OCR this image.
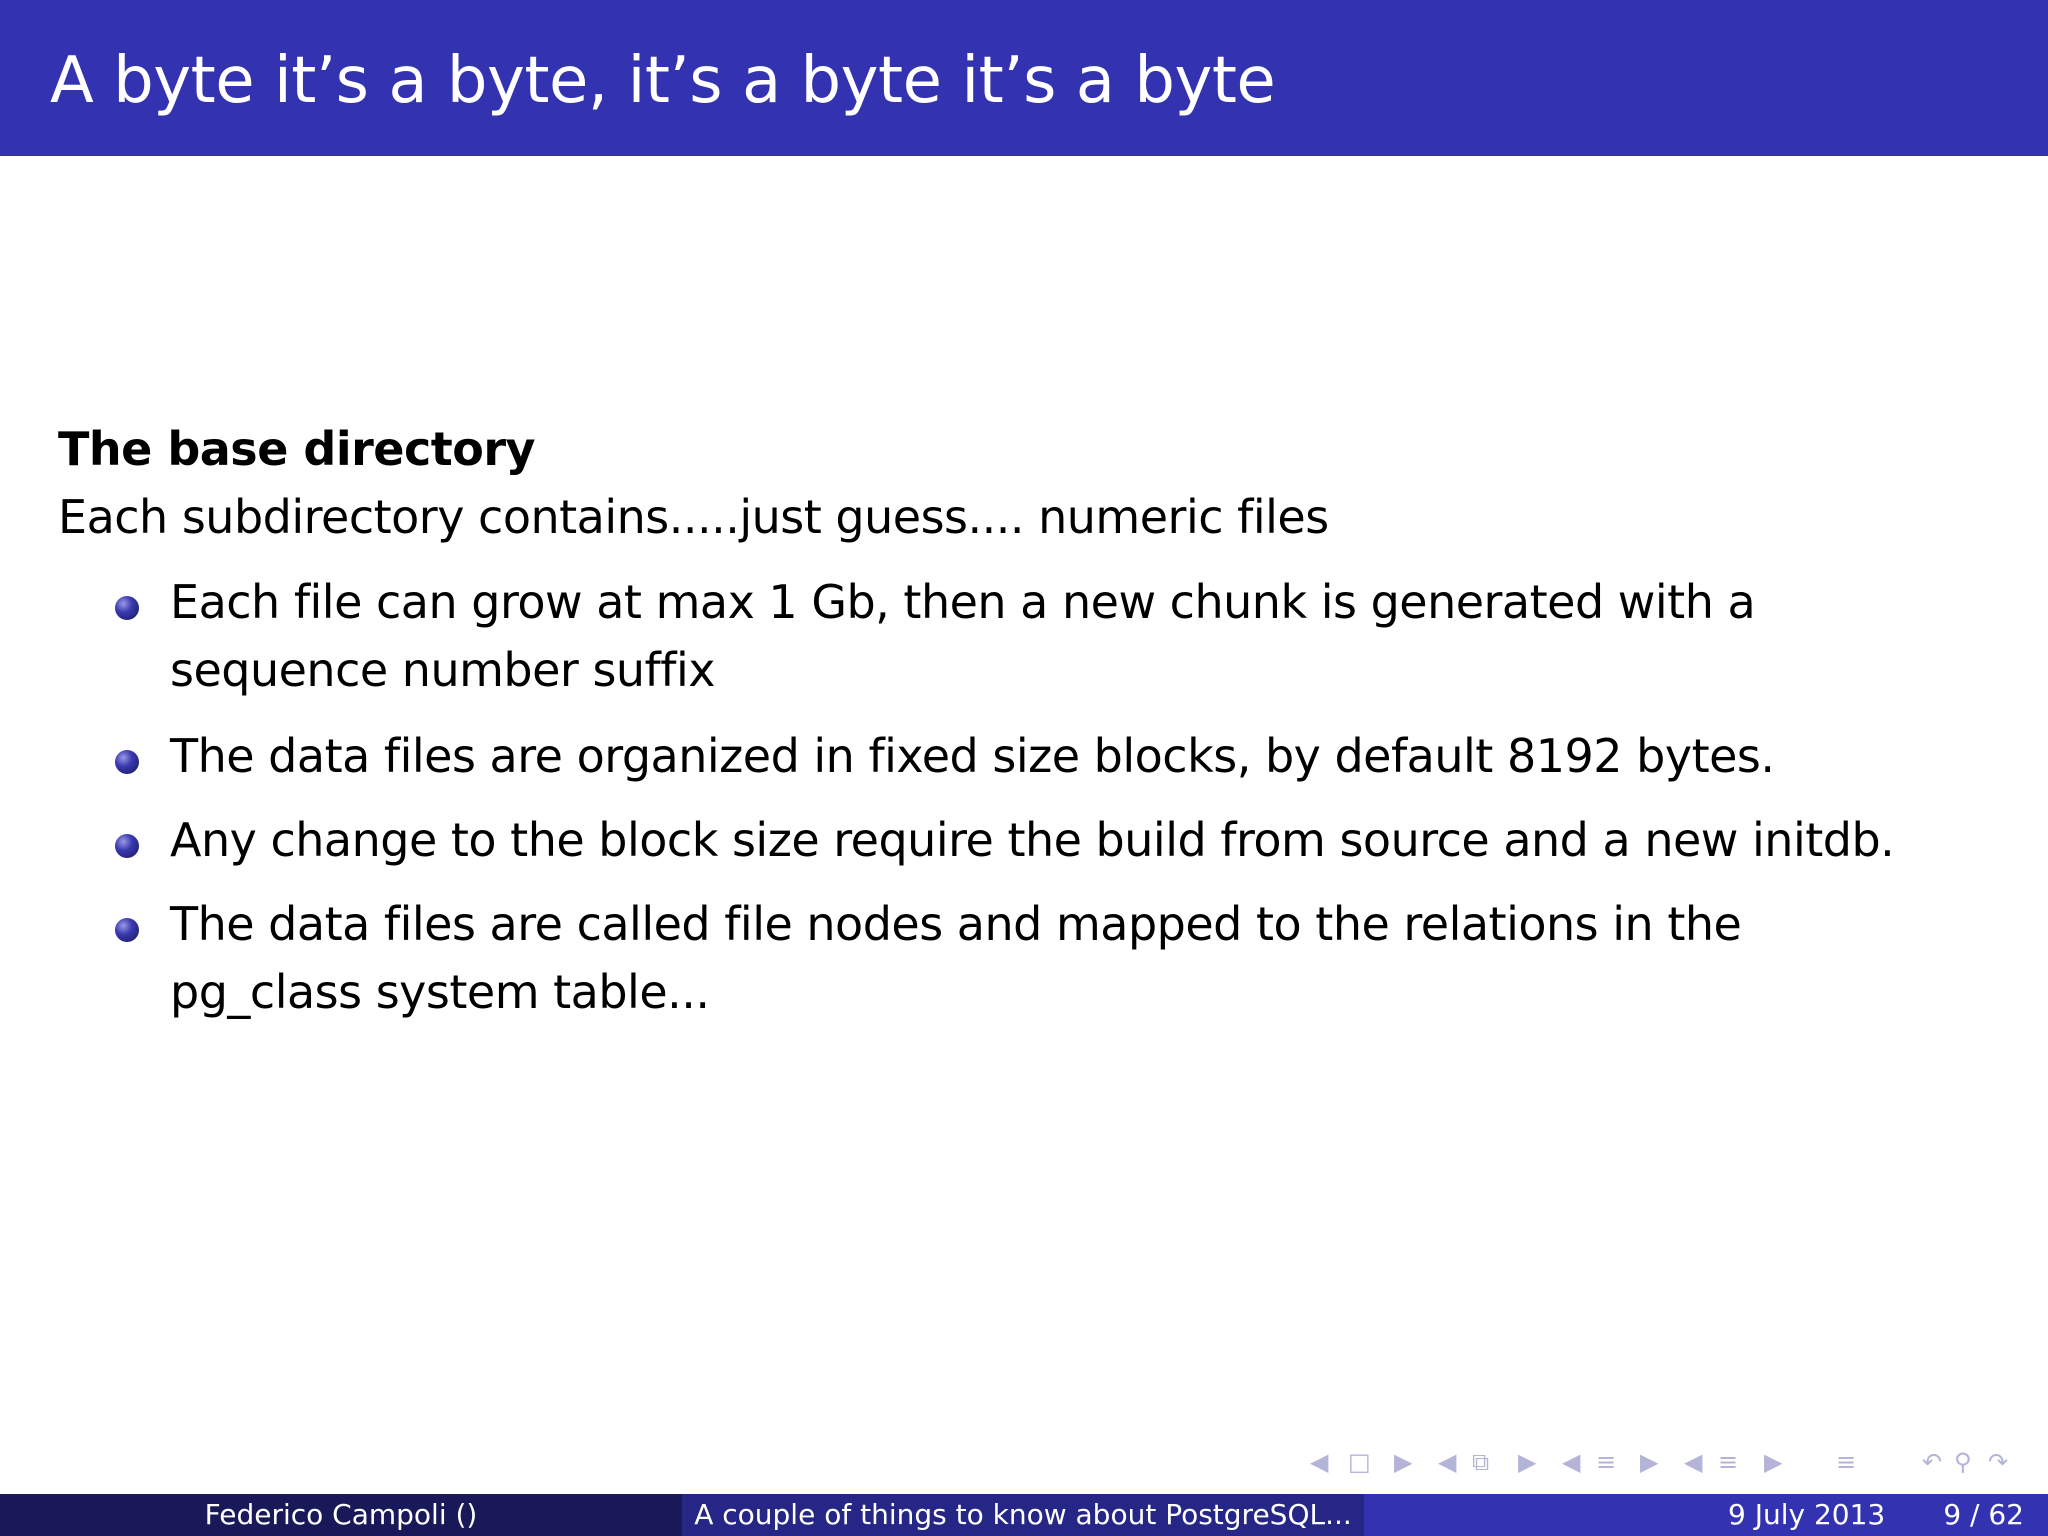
A byte it’s a byte, it’s a byte it’s a byte
The base directory
Each subdirectory contains.....just guess.... numeric files
Each file can grow at max 1 Gb, then a new chunk is generated with a
sequence number suffix
The data files are organized in fixed size blocks, by default 8192 bytes.
Any change to the block size require the build from source and a new initdb.
The data files are called file nodes and mapped to the relations in the
pg_class system table...
◀ □ ▶ ◀ ⧉ ▶ ◀ ≡ ▶ ◀ ≡ ▶ ≡	↶ ⚲ ↷
Federico Campoli ()	A couple of things to know about PostgreSQL...	9 July 2013 9 / 62
